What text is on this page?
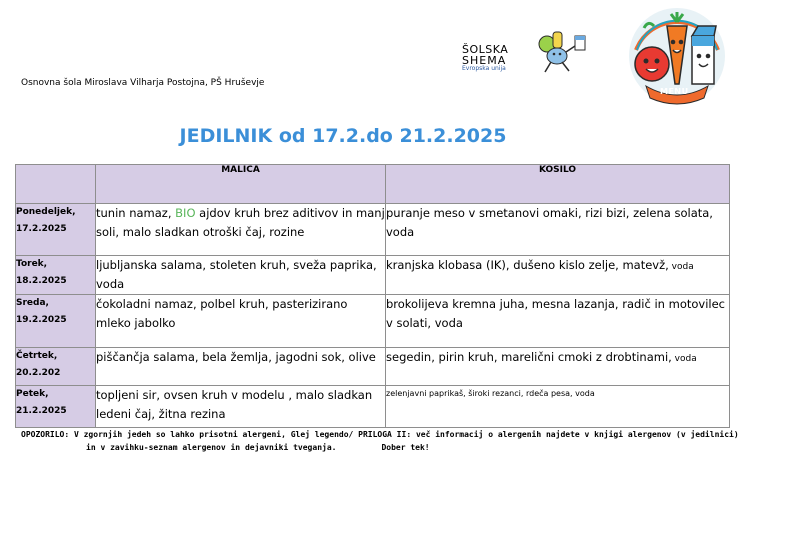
Osnovna šola Miroslava Vilharja Postojna, PŠ Hruševje
ŠOLSKA
SHEMA
Evropska unija
MENU
JEDILNIK od 17.2.do 21.2.2025
	MALICA	KOSILO

Ponedeljek,
17.2.2025	tunin namaz, BIO ajdov kruh brez aditivov in manj soli, malo sladkan otroški čaj, rozine	puranje meso v smetanovi omaki, rizi bizi, zelena solata, voda

Torek,
18.2.2025	ljubljanska salama, stoleten kruh, sveža paprika, voda	kranjska klobasa (IK), dušeno kislo zelje, matevž, voda

Sreda,
19.2.2025	čokoladni namaz, polbel kruh, pasterizirano mleko jabolko	brokolijeva kremna juha, mesna lazanja, radič in motovilec v solati, voda

Četrtek,
20.2.202	piščančja salama, bela žemlja, jagodni sok, olive	segedin, pirin kruh, marelični cmoki z drobtinami, voda

Petek,
21.2.2025	topljeni sir, ovsen kruh v modelu , malo sladkan ledeni čaj, žitna rezina	zelenjavni paprikaš, široki rezanci, rdeča pesa, voda
OPOZORILO: V zgornjih jedeh so lahko prisotni alergeni, Glej legendo/ PRILOGA II: več informacij o alergenih najdete v knjigi alergenov (v jedilnici)
in v zavihku-seznam alergenov in dejavniki tveganja.	Dober tek!
